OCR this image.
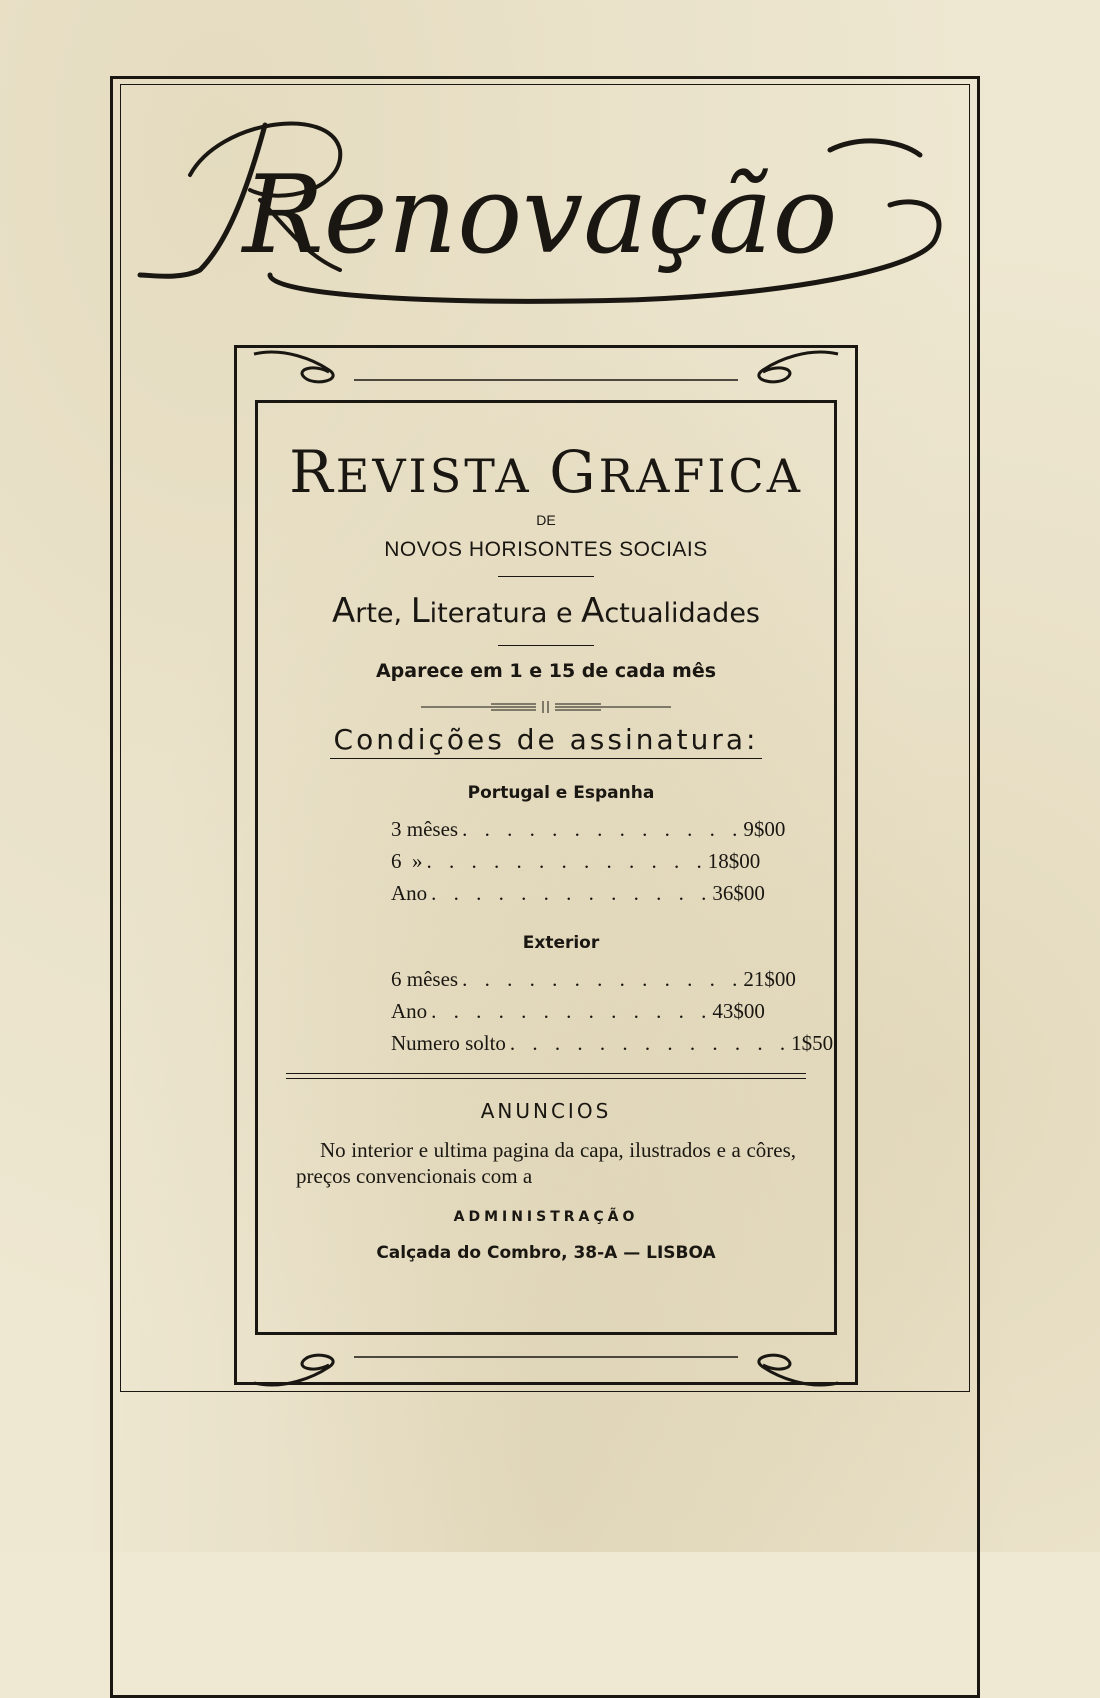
Renovação
REVISTA GRAFICA
DE
NOVOS HORISONTES SOCIAIS
Arte, Literatura e Actualidades
Aparece em 1 e 15 de cada mês
Condições de assinatura:
Portugal e Espanha
3 mêses . . . . . . . . . . . . . 9$00
6  » . . . . . . . . . . . . . 18$00
Ano . . . . . . . . . . . . . 36$00
Exterior
6 mêses . . . . . . . . . . . . . 21$00
Ano . . . . . . . . . . . . . 43$00
Numero solto . . . . . . . . . . . . . 1$50
ANUNCIOS
No interior e ultima pagina da capa, ilustrados e a côres, preços convencionais com a
ADMINISTRAÇÃO
Calçada do Combro, 38-A — LISBOA
